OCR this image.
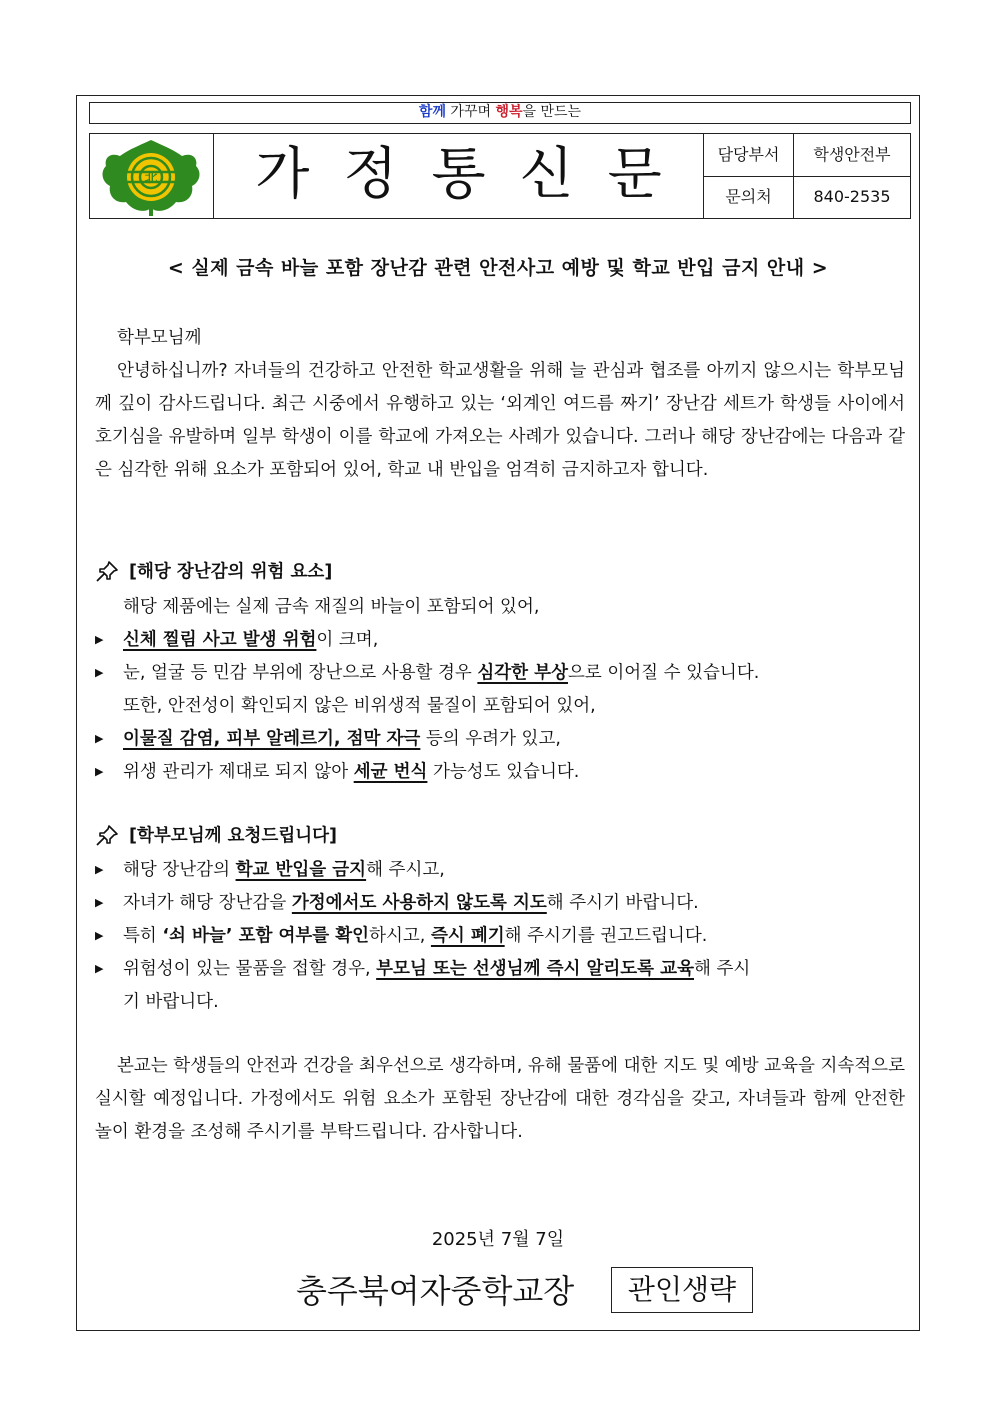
함께 가꾸며 행복을 만드는
北	가정통신문	담당부서	학생안전부
문의처	840-2535
< 실제 금속 바늘 포함 장난감 관련 안전사고 예방 및 학교 반입 금지 안내 >
학부모님께
안녕하십니까? 자녀들의 건강하고 안전한 학교생활을 위해 늘 관심과 협조를 아끼지 않으시는 학부모님께 깊이 감사드립니다. 최근 시중에서 유행하고 있는 ‘외계인 여드름 짜기’ 장난감 세트가 학생들 사이에서 호기심을 유발하며 일부 학생이 이를 학교에 가져오는 사례가 있습니다. 그러나 해당 장난감에는 다음과 같은 심각한 위해 요소가 포함되어 있어, 학교 내 반입을 엄격히 금지하고자 합니다.
[해당 장난감의 위험 요소]
해당 제품에는 실제 금속 재질의 바늘이 포함되어 있어,
▶ 신체 찔림 사고 발생 위험이 크며,
▶ 눈, 얼굴 등 민감 부위에 장난으로 사용할 경우 심각한 부상으로 이어질 수 있습니다.
또한, 안전성이 확인되지 않은 비위생적 물질이 포함되어 있어,
▶ 이물질 감염, 피부 알레르기, 점막 자극 등의 우려가 있고,
▶ 위생 관리가 제대로 되지 않아 세균 번식 가능성도 있습니다.
[학부모님께 요청드립니다]
▶ 해당 장난감의 학교 반입을 금지해 주시고,
▶ 자녀가 해당 장난감을 가정에서도 사용하지 않도록 지도해 주시기 바랍니다.
▶ 특히 ‘쇠 바늘’ 포함 여부를 확인하시고, 즉시 폐기해 주시기를 권고드립니다.
▶ 위험성이 있는 물품을 접할 경우, 부모님 또는 선생님께 즉시 알리도록 교육해 주시
기 바랍니다.
본교는 학생들의 안전과 건강을 최우선으로 생각하며, 유해 물품에 대한 지도 및 예방 교육을 지속적으로 실시할 예정입니다. 가정에서도 위험 요소가 포함된 장난감에 대한 경각심을 갖고, 자녀들과 함께 안전한 놀이 환경을 조성해 주시기를 부탁드립니다. 감사합니다.
2025년 7월 7일
충주북여자중학교장	관인생략
